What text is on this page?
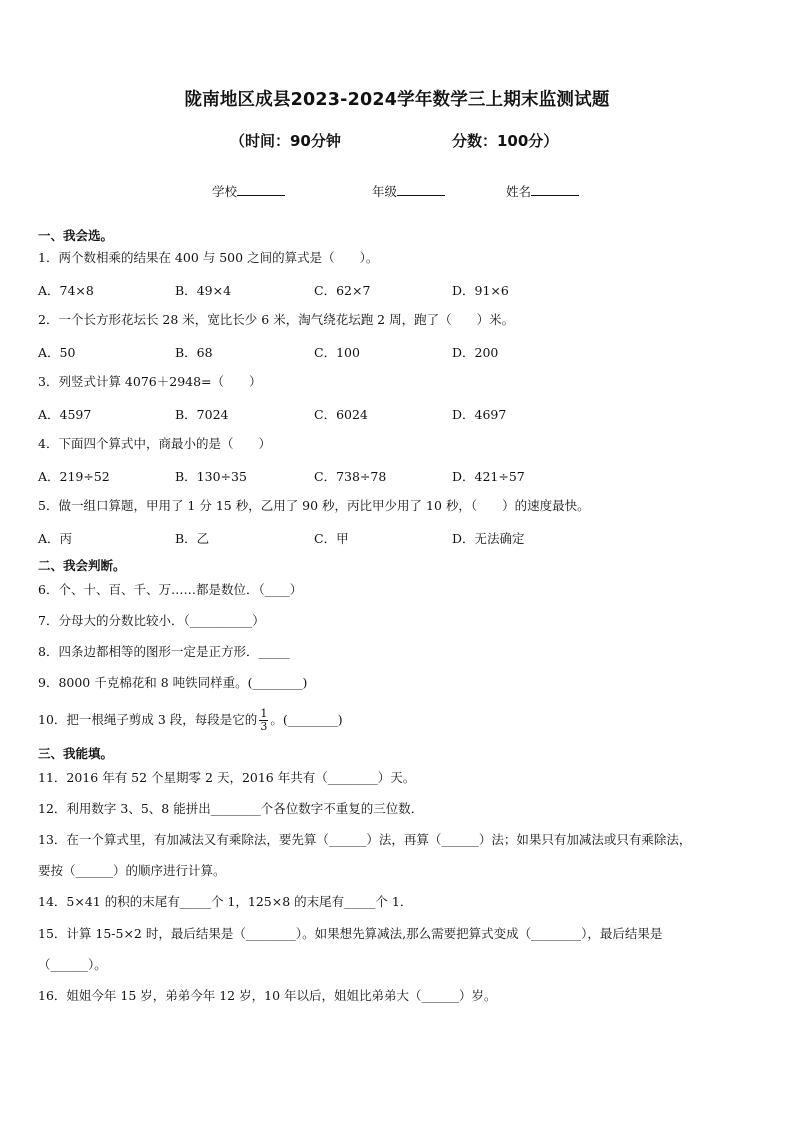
陇南地区成县2023-2024学年数学三上期末监测试题
（时间：90分钟	分数：100分）
学校	年级	姓名
一、我会选。
1．两个数相乘的结果在 400 与 500 之间的算式是（　　）。
A．74×8	B．49×4	C．62×7	D．91×6
2．一个长方形花坛长 28 米，宽比长少 6 米，淘气绕花坛跑 2 周，跑了（　　）米。
A．50	B．68	C．100	D．200
3．列竖式计算 4076＋2948=（　　）
A．4597	B．7024	C．6024	D．4697
4．下面四个算式中，商最小的是（　　）
A．219÷52	B．130÷35	C．738÷78	D．421÷57
5．做一组口算题，甲用了 1 分 15 秒，乙用了 90 秒，丙比甲少用了 10 秒，（　　）的速度最快。
A．丙	B．乙	C．甲	D．无法确定
二、我会判断。
6．个、十、百、千、万……都是数位．（____）
7．分母大的分数比较小．（__________）
8．四条边都相等的图形一定是正方形．_____
9．8000 千克棉花和 8 吨铁同样重。(________)
10．把一根绳子剪成 3 段，每段是它的 $\frac{1}{3}$ 。(________)
三、我能填。
11．2016 年有 52 个星期零 2 天，2016 年共有（________）天。
12．利用数字 3、5、8 能拼出________个各位数字不重复的三位数．
13．在一个算式里，有加减法又有乘除法，要先算（______）法，再算（______）法；如果只有加减法或只有乘除法，
要按（______）的顺序进行计算。
14．5×41 的积的末尾有_____个 1，125×8 的末尾有_____个 1．
15．计算 15-5×2 时，最后结果是（________）。如果想先算减法,那么需要把算式变成（________），最后结果是
（______）。
16．姐姐今年 15 岁，弟弟今年 12 岁，10 年以后，姐姐比弟弟大（______）岁。
